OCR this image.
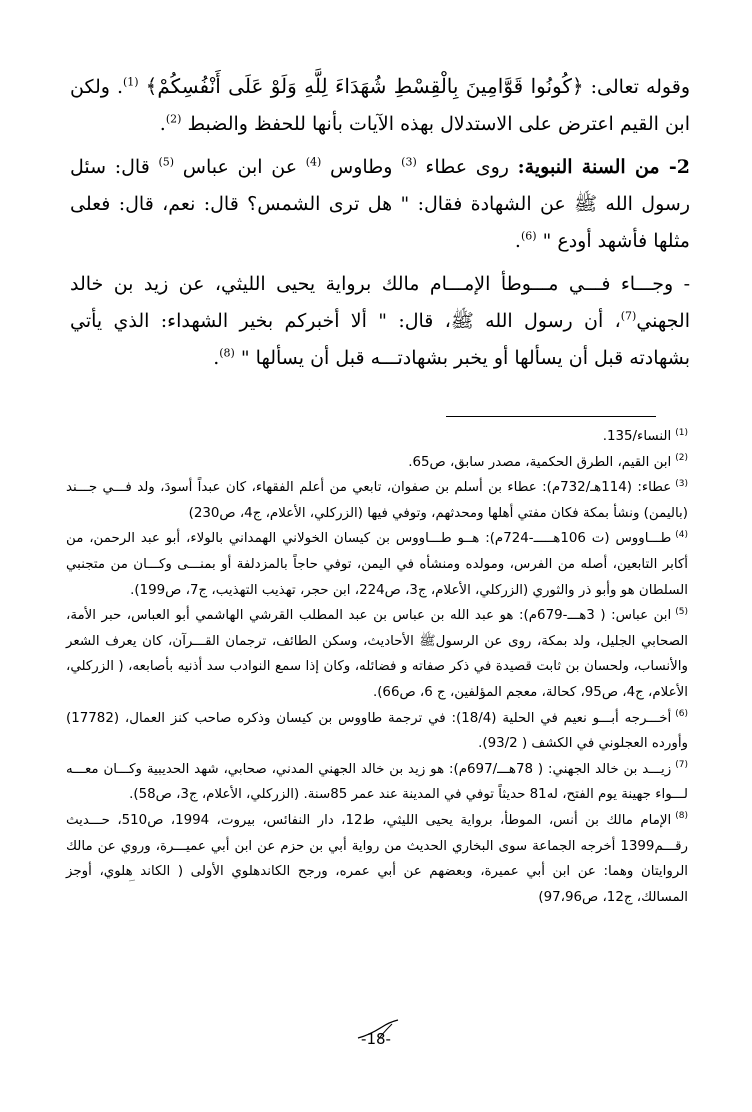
وقوله تعالى: ﴿كُونُوا قَوَّامِينَ بِالْقِسْطِ شُهَدَاءَ لِلَّهِ وَلَوْ عَلَى أَنْفُسِكُمْ﴾ $^{(1)}$. ولكن ابن القيم اعترض على الاستدلال بهذه الآيات بأنها للحفظ والضبط $^{(2)}$.

2- من السنة النبوية: روى عطاء $^{(3)}$ وطاوس $^{(4)}$ عن ابن عباس $^{(5)}$ قال: سئل رسول الله ﷺ عن الشهادة فقال: " هل ترى الشمس؟ قال: نعم، قال: فعلى مثلها فأشهد أودع " $^{(6)}$.

- وجـــاء فـــي مـــوطأ الإمـــام مالك برواية يحيى الليثي، عن زيد بن خالد الجهني$^{(7)}$، أن رسول الله ﷺ، قال: " ألا أخبركم بخير الشهداء: الذي يأتي بشهادته قبل أن يسألها أو يخبر بشهادتـــه قبل أن يسألها " $^{(8)}$.

$^{(1)}$النساء/135.

$^{(2)}$ابن القيم، الطرق الحكمية، مصدر سابق، ص65.

$^{(3)}$عطاء: (114هـ/732م): عطاء بن أسلم بن صفوان، تابعي من أعلم الفقهاء، كان عبداً أسودَ، ولد فـــي جـــند (باليمن) ونشأ بمكة فكان مفتي أهلها ومحدثهم، وتوفي فيها (الزركلي، الأعلام، ج4، ص230)

$^{(4)}$طـــاووس (ت 106هـــــ-724م): هــو طـــاووس بن كيسان الخولاني الهمداني بالولاء، أبو عبد الرحمن، من أكابر التابعين، أصله من الفرس، ومولده ومنشأه في اليمن، توفي حاجاً بالمزدلفة أو بمنـــى وكـــان من متجنبي السلطان هو وأبو ذر والثوري (الزركلي، الأعلام، ج3، ص224، ابن حجر، تهذيب التهذيب، ج7، ص199).

$^{(5)}$ابن عباس: ( 3هـــ-679م): هو عبد الله بن عباس بن عبد المطلب القرشي الهاشمي أبو العباس، حبر الأمة، الصحابي الجليل، ولد بمكة، روى عن الرسولﷺ الأحاديث، وسكن الطائف، ترجمان القـــرآن، كان يعرف الشعر والأنساب، ولحسان بن ثابت قصيدة في ذكر صفاته و فضائله، وكان إذا سمع النوادب سد أذنيه بأصابعه، ( الزركلي، الأعلام، ج4، ص95، كحالة، معجم المؤلفين، ج 6، ص66).

$^{(6)}$أخـــرجه أبـــو نعيم في الحلية (18/4): في ترجمة طاووس بن كيسان وذكره صاحب كنز العمال، (17782) وأورده العجلوني في الكشف ( 93/2).

$^{(7)}$زيـــد بن خالد الجهني: ( 78هـــ/697م): هو زيد بن خالد الجهني المدني، صحابي، شهد الحديبية وكـــان معـــه لـــواء جهينة يوم الفتح، له81 حديثاً توفي في المدينة عند عمر 85سنة. (الزركلي، الأعلام، ج3، ص58).

$^{(8)}$الإمام مالك بن أنس، الموطأ، برواية يحيى الليثي، ط12، دار النفائس، بيروت، 1994، ص510، حـــديث رقـــم1399 أخرجه الجماعة سوى البخاري الحديث من رواية أبي بن حزم عن ابن أبي عميـــرة، وروي عن مالك الروايتان وهما: عن ابن أبي عميرة، وبعضهم عن أبي عمره، ورجح الكاندهلوي الأولى ( الكاند هلوي، أوجز المسالك، ج12، ص97،96)

-18-
